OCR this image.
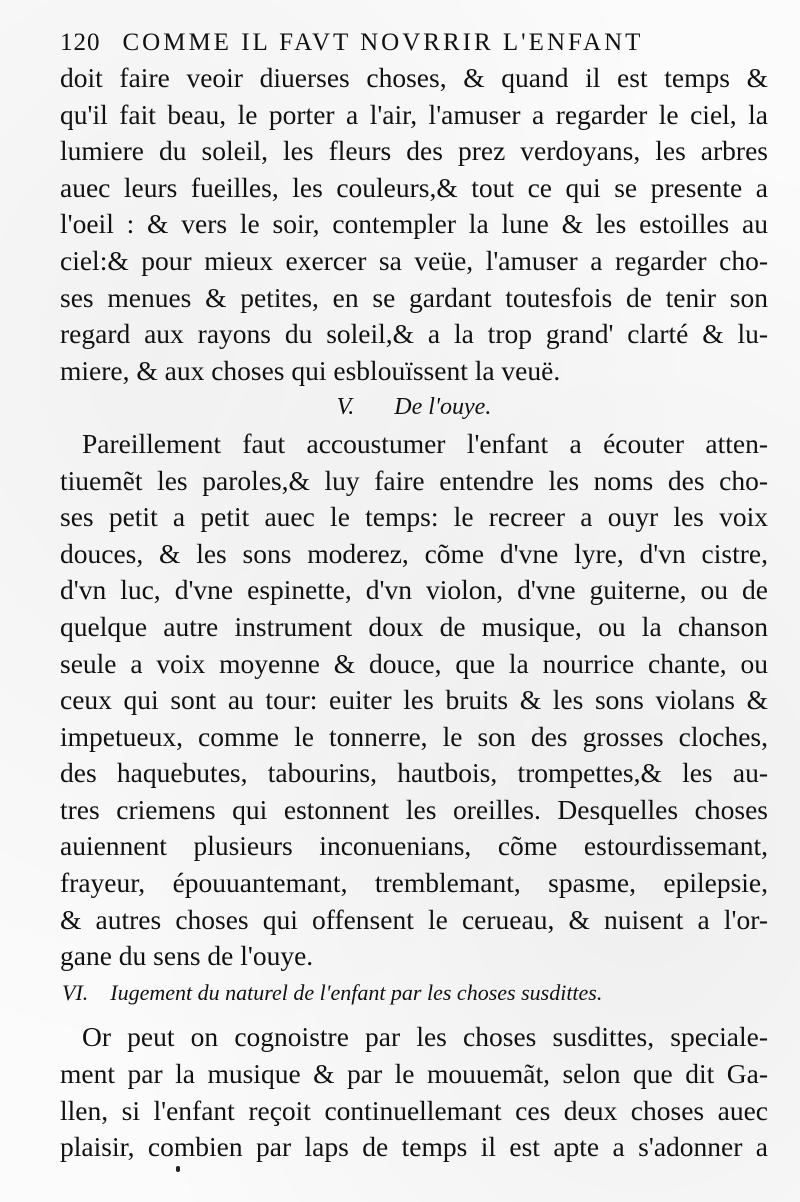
120 COMME IL FAVT NOVRRIR L'ENFANT
doit faire veoir diuerses choses, & quand il est temps &
qu'il fait beau, le porter a l'air, l'amuser a regarder le ciel, la
lumiere du soleil, les fleurs des prez verdoyans, les arbres
auec leurs fueilles, les couleurs,& tout ce qui se presente a
l'oeil : & vers le soir, contempler la lune & les estoilles au
ciel:& pour mieux exercer sa veüe, l'amuser a regarder cho-
ses menues & petites, en se gardant toutesfois de tenir son
regard aux rayons du soleil,& a la trop grand' clarté & lu-
miere, & aux choses qui esblouïssent la veuë.
V. De l'ouye.
Pareillement faut accoustumer l'enfant a écouter atten-
tiuemẽt les paroles,& luy faire entendre les noms des cho-
ses petit a petit auec le temps: le recreer a ouyr les voix
douces, & les sons moderez, cõme d'vne lyre, d'vn cistre,
d'vn luc, d'vne espinette, d'vn violon, d'vne guiterne, ou de
quelque autre instrument doux de musique, ou la chanson
seule a voix moyenne & douce, que la nourrice chante, ou
ceux qui sont au tour: euiter les bruits & les sons violans &
impetueux, comme le tonnerre, le son des grosses cloches,
des haquebutes, tabourins, hautbois, trompettes,& les au-
tres criemens qui estonnent les oreilles. Desquelles choses
auiennent plusieurs inconuenians, cõme estourdissemant,
frayeur, épouuantemant, tremblemant, spasme, epilepsie,
& autres choses qui offensent le cerueau, & nuisent a l'or-
gane du sens de l'ouye.
VI. Iugement du naturel de l'enfant par les choses susdittes.
Or peut on cognoistre par les choses susdittes, speciale-
ment par la musique & par le mouuemãt, selon que dit Ga-
llen, si l'enfant reçoit continuellemant ces deux choses auec
plaisir, combien par laps de temps il est apte a s'adonner a
